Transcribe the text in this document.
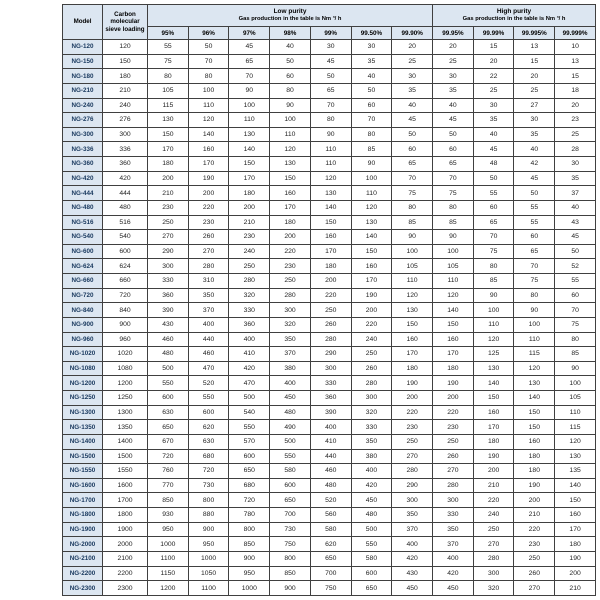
Model	Carbon molecular sieve loading	
Low purity
Gas production in the table is Nm ³/ h

High purity
Gas production in the table is Nm ³/ h

		95%	96%	97%	98%	99%	99.50%	99.90%	99.95%	99.99%	99.995%	99.999%
NG-120	120	55	50	45	40	30	30	20	20	15	13	10
NG-150	150	75	70	65	50	45	35	25	25	20	15	13
NG-180	180	80	80	70	60	50	40	30	30	22	20	15
NG-210	210	105	100	90	80	65	50	35	35	25	25	18
NG-240	240	115	110	100	90	70	60	40	40	30	27	20
NG-276	276	130	120	110	100	80	70	45	45	35	30	23
NG-300	300	150	140	130	110	90	80	50	50	40	35	25
NG-336	336	170	160	140	120	110	85	60	60	45	40	28
NG-360	360	180	170	150	130	110	90	65	65	48	42	30
NG-420	420	200	190	170	150	120	100	70	70	50	45	35
NG-444	444	210	200	180	160	130	110	75	75	55	50	37
NG-480	480	230	220	200	170	140	120	80	80	60	55	40
NG-516	516	250	230	210	180	150	130	85	85	65	55	43
NG-540	540	270	260	230	200	160	140	90	90	70	60	45
NG-600	600	290	270	240	220	170	150	100	100	75	65	50
NG-624	624	300	280	250	230	180	160	105	105	80	70	52
NG-660	660	330	310	280	250	200	170	110	110	85	75	55
NG-720	720	360	350	320	280	220	190	120	120	90	80	60
NG-840	840	390	370	330	300	250	200	130	140	100	90	70
NG-900	900	430	400	360	320	260	220	150	150	110	100	75
NG-960	960	460	440	400	350	280	240	160	160	120	110	80
NG-1020	1020	480	460	410	370	290	250	170	170	125	115	85
NG-1080	1080	500	470	420	380	300	260	180	180	130	120	90
NG-1200	1200	550	520	470	400	330	280	190	190	140	130	100
NG-1250	1250	600	550	500	450	360	300	200	200	150	140	105
NG-1300	1300	630	600	540	480	390	320	220	220	160	150	110
NG-1350	1350	650	620	550	490	400	330	230	230	170	150	115
NG-1400	1400	670	630	570	500	410	350	250	250	180	160	120
NG-1500	1500	720	680	600	550	440	380	270	260	190	180	130
NG-1550	1550	760	720	650	580	460	400	280	270	200	180	135
NG-1600	1600	770	730	680	600	480	420	290	280	210	190	140
NG-1700	1700	850	800	720	650	520	450	300	300	220	200	150
NG-1800	1800	930	880	780	700	560	480	350	330	240	210	160
NG-1900	1900	950	900	800	730	580	500	370	350	250	220	170
NG-2000	2000	1000	950	850	750	620	550	400	370	270	230	180
NG-2100	2100	1100	1000	900	800	650	580	420	400	280	250	190
NG-2200	2200	1150	1050	950	850	700	600	430	420	300	260	200
NG-2300	2300	1200	1100	1000	900	750	650	450	450	320	270	210
